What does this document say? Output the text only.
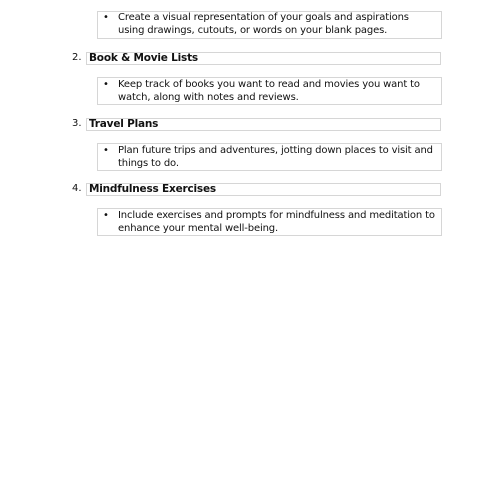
• Create a visual representation of your goals and aspirations using drawings, cutouts, or words on your blank pages.
2. Book & Movie Lists
• Keep track of books you want to read and movies you want to watch, along with notes and reviews.
3. Travel Plans
• Plan future trips and adventures, jotting down places to visit and things to do.
4. Mindfulness Exercises
• Include exercises and prompts for mindfulness and meditation to enhance your mental well-being.
